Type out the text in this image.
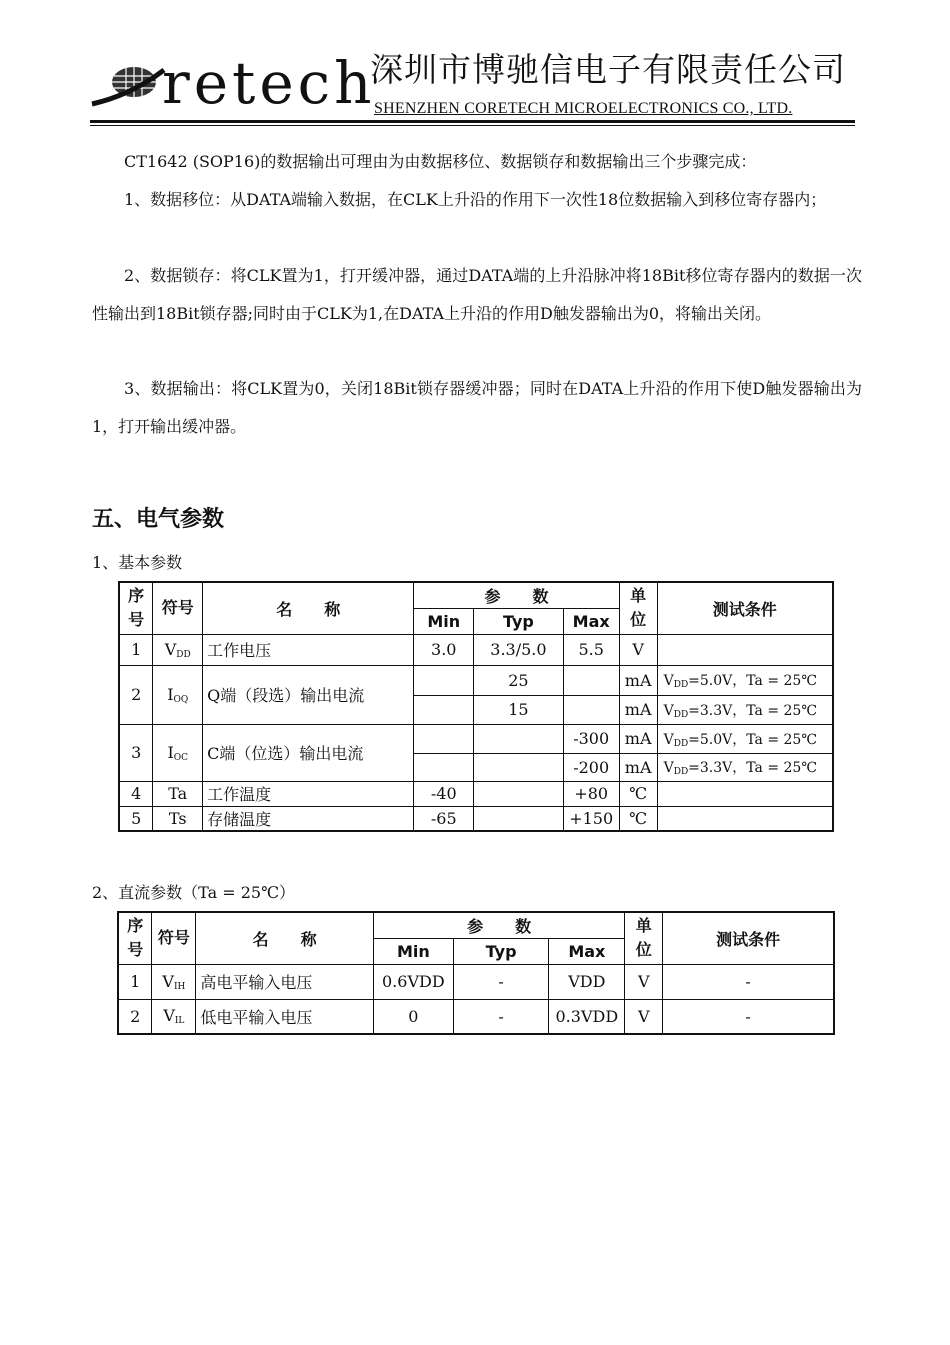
retech
深圳市博驰信电子有限责任公司
SHENZHEN CORETECH MICROELECTRONICS CO., LTD.
CT1642 (SOP16)的数据输出可理由为由数据移位、数据锁存和数据输出三个步骤完成：
1、数据移位：从DATA端输入数据，在CLK上升沿的作用下一次性18位数据输入到移位寄存器内；
2、数据锁存：将CLK置为1，打开缓冲器，通过DATA端的上升沿脉冲将18Bit移位寄存器内的数据一次性输出到18Bit锁存器;同时由于CLK为1,在DATA上升沿的作用D触发器输出为0，将输出关闭。
3、数据输出：将CLK置为0，关闭18Bit锁存器缓冲器；同时在DATA上升沿的作用下使D触发器输出为1，打开输出缓冲器。
五、电气参数
1、基本参数
序号	符号	名　　称	参　　数			单位	测试条件
			Min	Typ	Max		
1	$V_{DD}$	工作电压	3.0	3.3/5.0	5.5	V	
2	$I_{OQ}$	Q端（段选）输出电流		25		mA	$V_{DD}=5.0V$，Ta = 25℃
				15		mA	$V_{DD}=3.3V$，Ta = 25℃
3	$I_{OC}$	C端（位选）输出电流			-300	mA	$V_{DD}=5.0V$，Ta = 25℃
					-200	mA	$V_{DD}=3.3V$，Ta = 25℃
4	Ta	工作温度	-40		+80	℃	
5	Ts	存储温度	-65		+150	℃	
2、直流参数（Ta = 25℃）
序号	符号	名　　称	参　　数			单位	测试条件
			Min	Typ	Max		
1	$V_{IH}$	高电平输入电压	0.6VDD	-	VDD	V	-
2	$V_{IL}$	低电平输入电压	0	-	0.3VDD	V	-
